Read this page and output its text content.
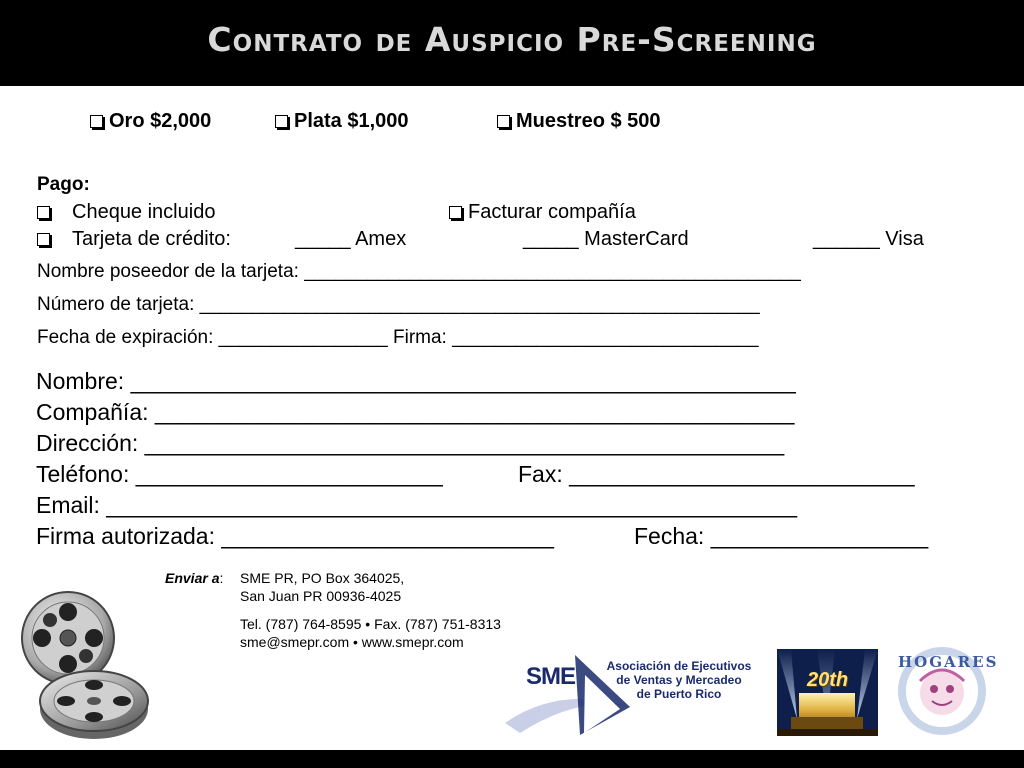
Contrato de Auspicio Pre-Screening
Oro $2,000	Plata $1,000	Muestreo $ 500
Pago:
Cheque incluido	Facturar compañía
Tarjeta de crédito:	_____ Amex	_____ MasterCard	______ Visa
Nombre poseedor de la tarjeta: _______________________________________________
Número de tarjeta: _____________________________________________________
Fecha de expiración: ________________ Firma: _____________________________
Nombre: ____________________________________________________
Compañía: __________________________________________________
Dirección: __________________________________________________
Teléfono: ________________________	Fax: ___________________________
Email: ______________________________________________________
Firma autorizada: __________________________	Fecha: _________________
Enviar a: SME PR, PO Box 364025,
San Juan PR 00936-4025
Tel. (787) 764-8595 • Fax. (787) 751-8313
sme@smepr.com • www.smepr.com
SME	Asociación de Ejecutivos
de Ventas y Mercadeo
de Puerto Rico
20th
HOGARES
